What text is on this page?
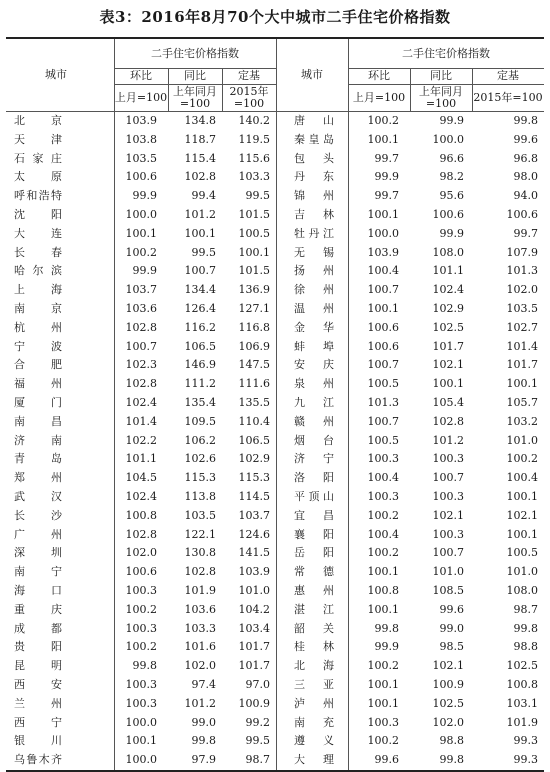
表3：2016年8月70个大中城市二手住宅价格指数
城市
二手住宅价格指数
环比	同比	定基
上月=100 上年同月=100
2015年=100
城市
二手住宅价格指数
环比	同比	定基
上月=100	上年同月=100	2015年=100
北　京	103.9	134.8	140.2 唐　山	100.2	99.9	99.8
天　津	103.8	118.7	119.5 秦皇岛	100.1	100.0	99.6
石家庄	103.5	115.4	115.6 包　头	99.7	96.6	96.8
太　原	100.6	102.8	103.3 丹　东	99.9	98.2	98.0
呼和浩特	99.9	99.4	99.5 锦　州	99.7	95.6	94.0
沈　阳	100.0	101.2	101.5 吉　林	100.1	100.6	100.6
大　连	100.1	100.1	100.5 牡丹江	100.0	99.9	99.7
长　春	100.2	99.5	100.1 无　锡	103.9	108.0	107.9
哈尔滨	99.9	100.7	101.5 扬　州	100.4	101.1	101.3
上　海	103.7	134.4	136.9 徐　州	100.7	102.4	102.0
南　京	103.6	126.4	127.1 温　州	100.1	102.9	103.5
杭　州	102.8	116.2	116.8 金　华	100.6	102.5	102.7
宁　波	100.7	106.5	106.9 蚌　埠	100.6	101.7	101.4
合　肥	102.3	146.9	147.5 安　庆	100.7	102.1	101.7
福　州	102.8	111.2	111.6 泉　州	100.5	100.1	100.1
厦　门	102.4	135.4	135.5 九　江	101.3	105.4	105.7
南　昌	101.4	109.5	110.4 赣　州	100.7	102.8	103.2
济　南	102.2	106.2	106.5 烟　台	100.5	101.2	101.0
青　岛	101.1	102.6	102.9 济　宁	100.3	100.3	100.2
郑　州	104.5	115.3	115.3 洛　阳	100.4	100.7	100.4
武　汉	102.4	113.8	114.5 平顶山	100.3	100.3	100.1
长　沙	100.8	103.5	103.7 宜　昌	100.2	102.1	102.1
广　州	102.8	122.1	124.6 襄　阳	100.4	100.3	100.1
深　圳	102.0	130.8	141.5 岳　阳	100.2	100.7	100.5
南　宁	100.6	102.8	103.9 常　德	100.1	101.0	101.0
海　口	100.3	101.9	101.0 惠　州	100.8	108.5	108.0
重　庆	100.2	103.6	104.2 湛　江	100.1	99.6	98.7
成　都	100.3	103.3	103.4 韶　关	99.8	99.0	99.8
贵　阳	100.2	101.6	101.7 桂　林	99.9	98.5	98.8
昆　明	99.8	102.0	101.7 北　海	100.2	102.1	102.5
西　安	100.3	97.4	97.0 三　亚	100.1	100.9	100.8
兰　州	100.3	101.2	100.9 泸　州	100.1	102.5	103.1
西　宁	100.0	99.0	99.2 南　充	100.3	102.0	101.9
银　川	100.1	99.8	99.5 遵　义	100.2	98.8	99.3
乌鲁木齐	100.0	97.9	98.7 大　理	99.6	99.8	99.3
